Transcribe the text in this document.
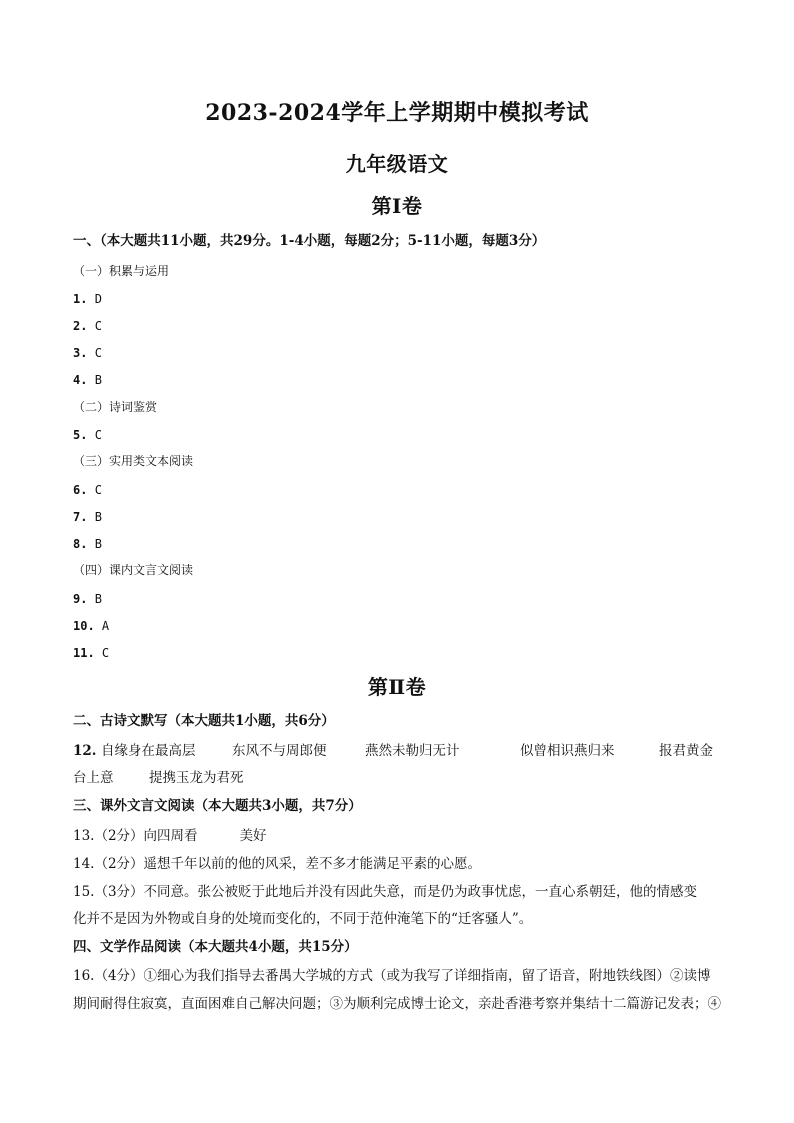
2023-2024学年上学期期中模拟考试
九年级语文
第Ⅰ卷
一、（本大题共11小题，共29分。1-4小题，每题2分；5-11小题，每题3分）
（一）积累与运用
1. D
2. C
3. C
4. B
（二）诗词鉴赏
5. C
（三）实用类文本阅读
6. C
7. B
8. B
（四）课内文言文阅读
9. B
10. A
11. C
第Ⅱ卷
二、古诗文默写（本大题共1小题，共6分）
12. 自缘身在最高层	东风不与周郎便	燕然未勒归无计	似曾相识燕归来	报君黄金
台上意	提携玉龙为君死
三、课外文言文阅读（本大题共3小题，共7分）
13.（2分）向四周看	美好
14.（2分）遥想千年以前的他的风采，差不多才能满足平素的心愿。
15.（3分）不同意。张公被贬于此地后并没有因此失意，而是仍为政事忧虑，一直心系朝廷，他的情感变
化并不是因为外物或自身的处境而变化的，不同于范仲淹笔下的“迁客骚人”。
四、文学作品阅读（本大题共4小题，共15分）
16.（4分）①细心为我们指导去番禺大学城的方式（或为我写了详细指南，留了语音，附地铁线图）②读博
期间耐得住寂寞，直面困难自己解决问题；③为顺利完成博士论文，亲赴香港考察并集结十二篇游记发表；④
